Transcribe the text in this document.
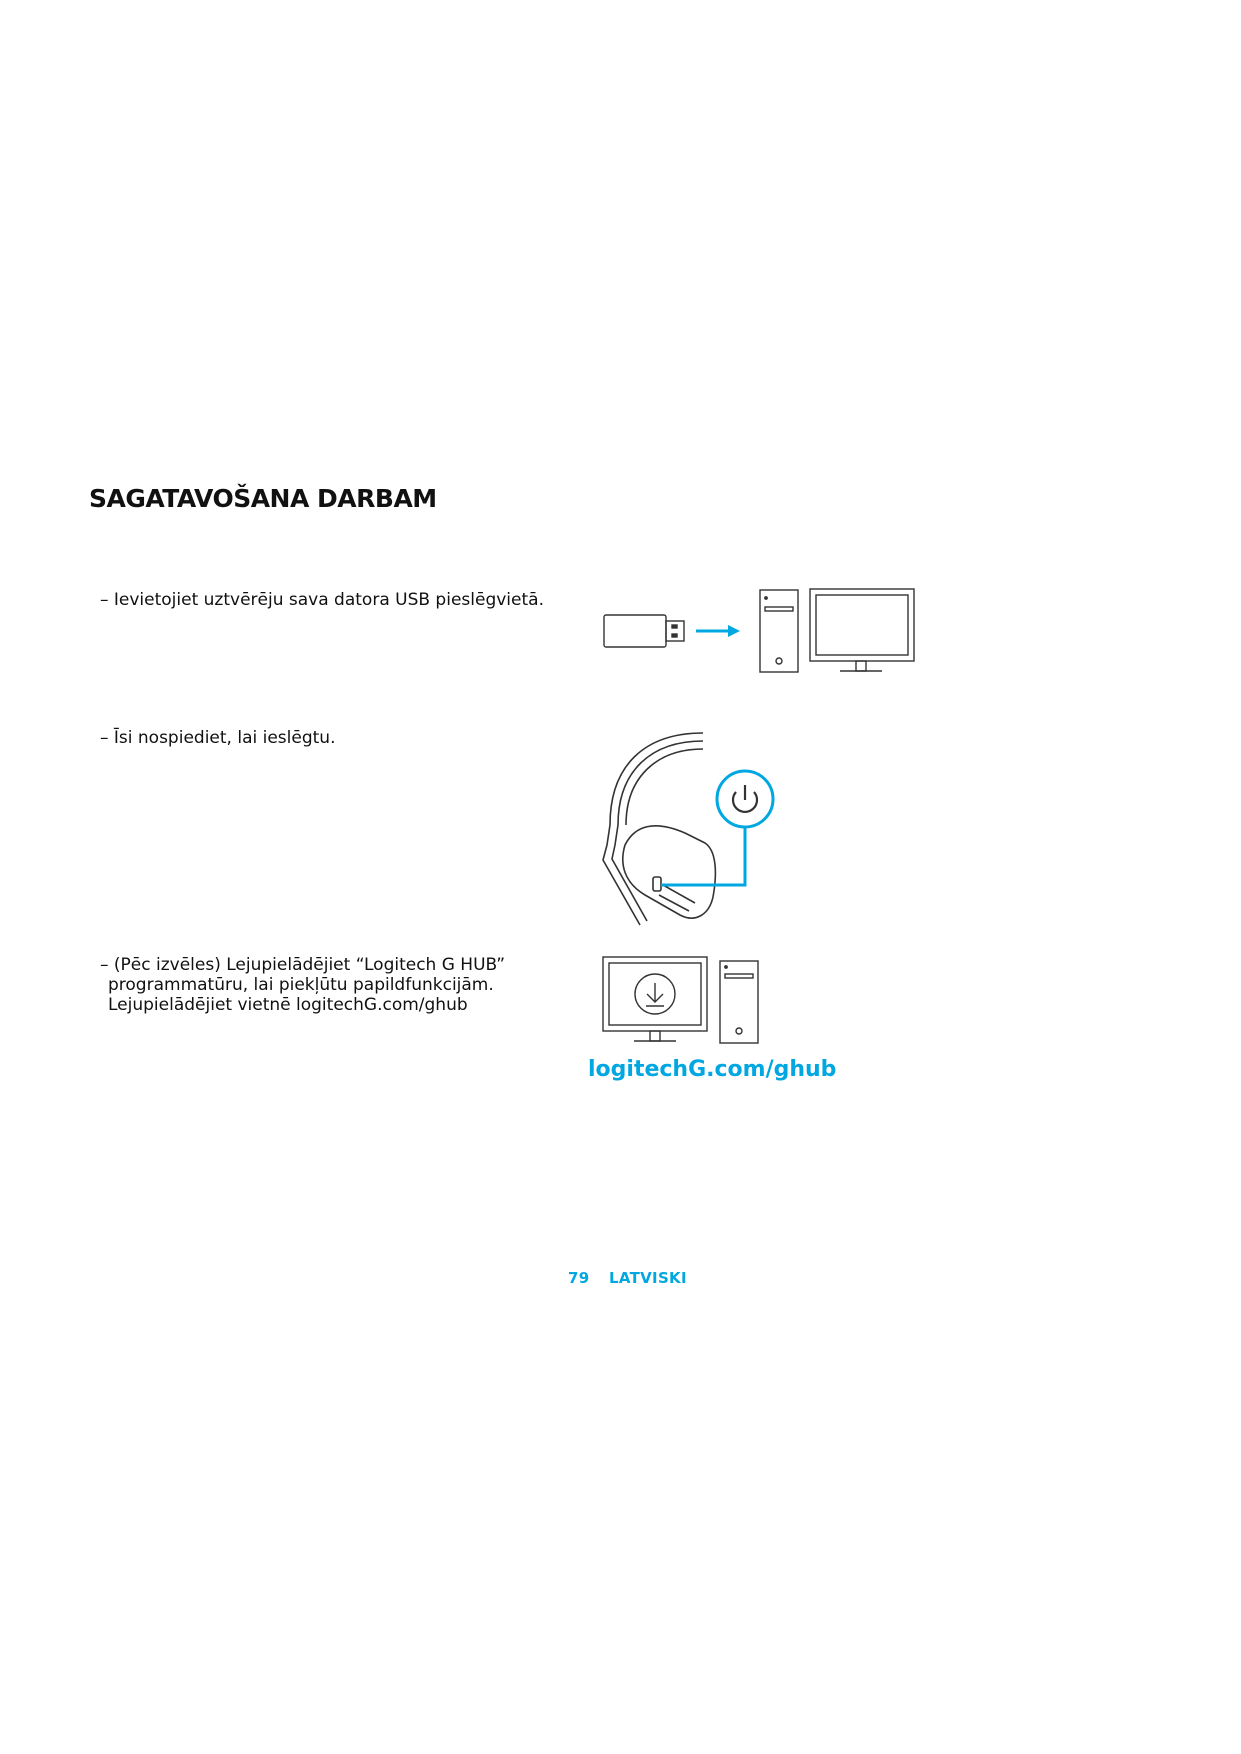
SAGATAVOŠANA DARBAM
– Ievietojiet uztvērēju sava datora USB pieslēgvietā.
– Īsi nospiediet, lai ieslēgtu.
– (Pēc izvēles) Lejupielādējiet “Logitech G HUB”
programmatūru, lai piekļūtu papildfunkcijām.
Lejupielādējiet vietnē logitechG.com/ghub
logitechG.com/ghub
79 LATVISKI
